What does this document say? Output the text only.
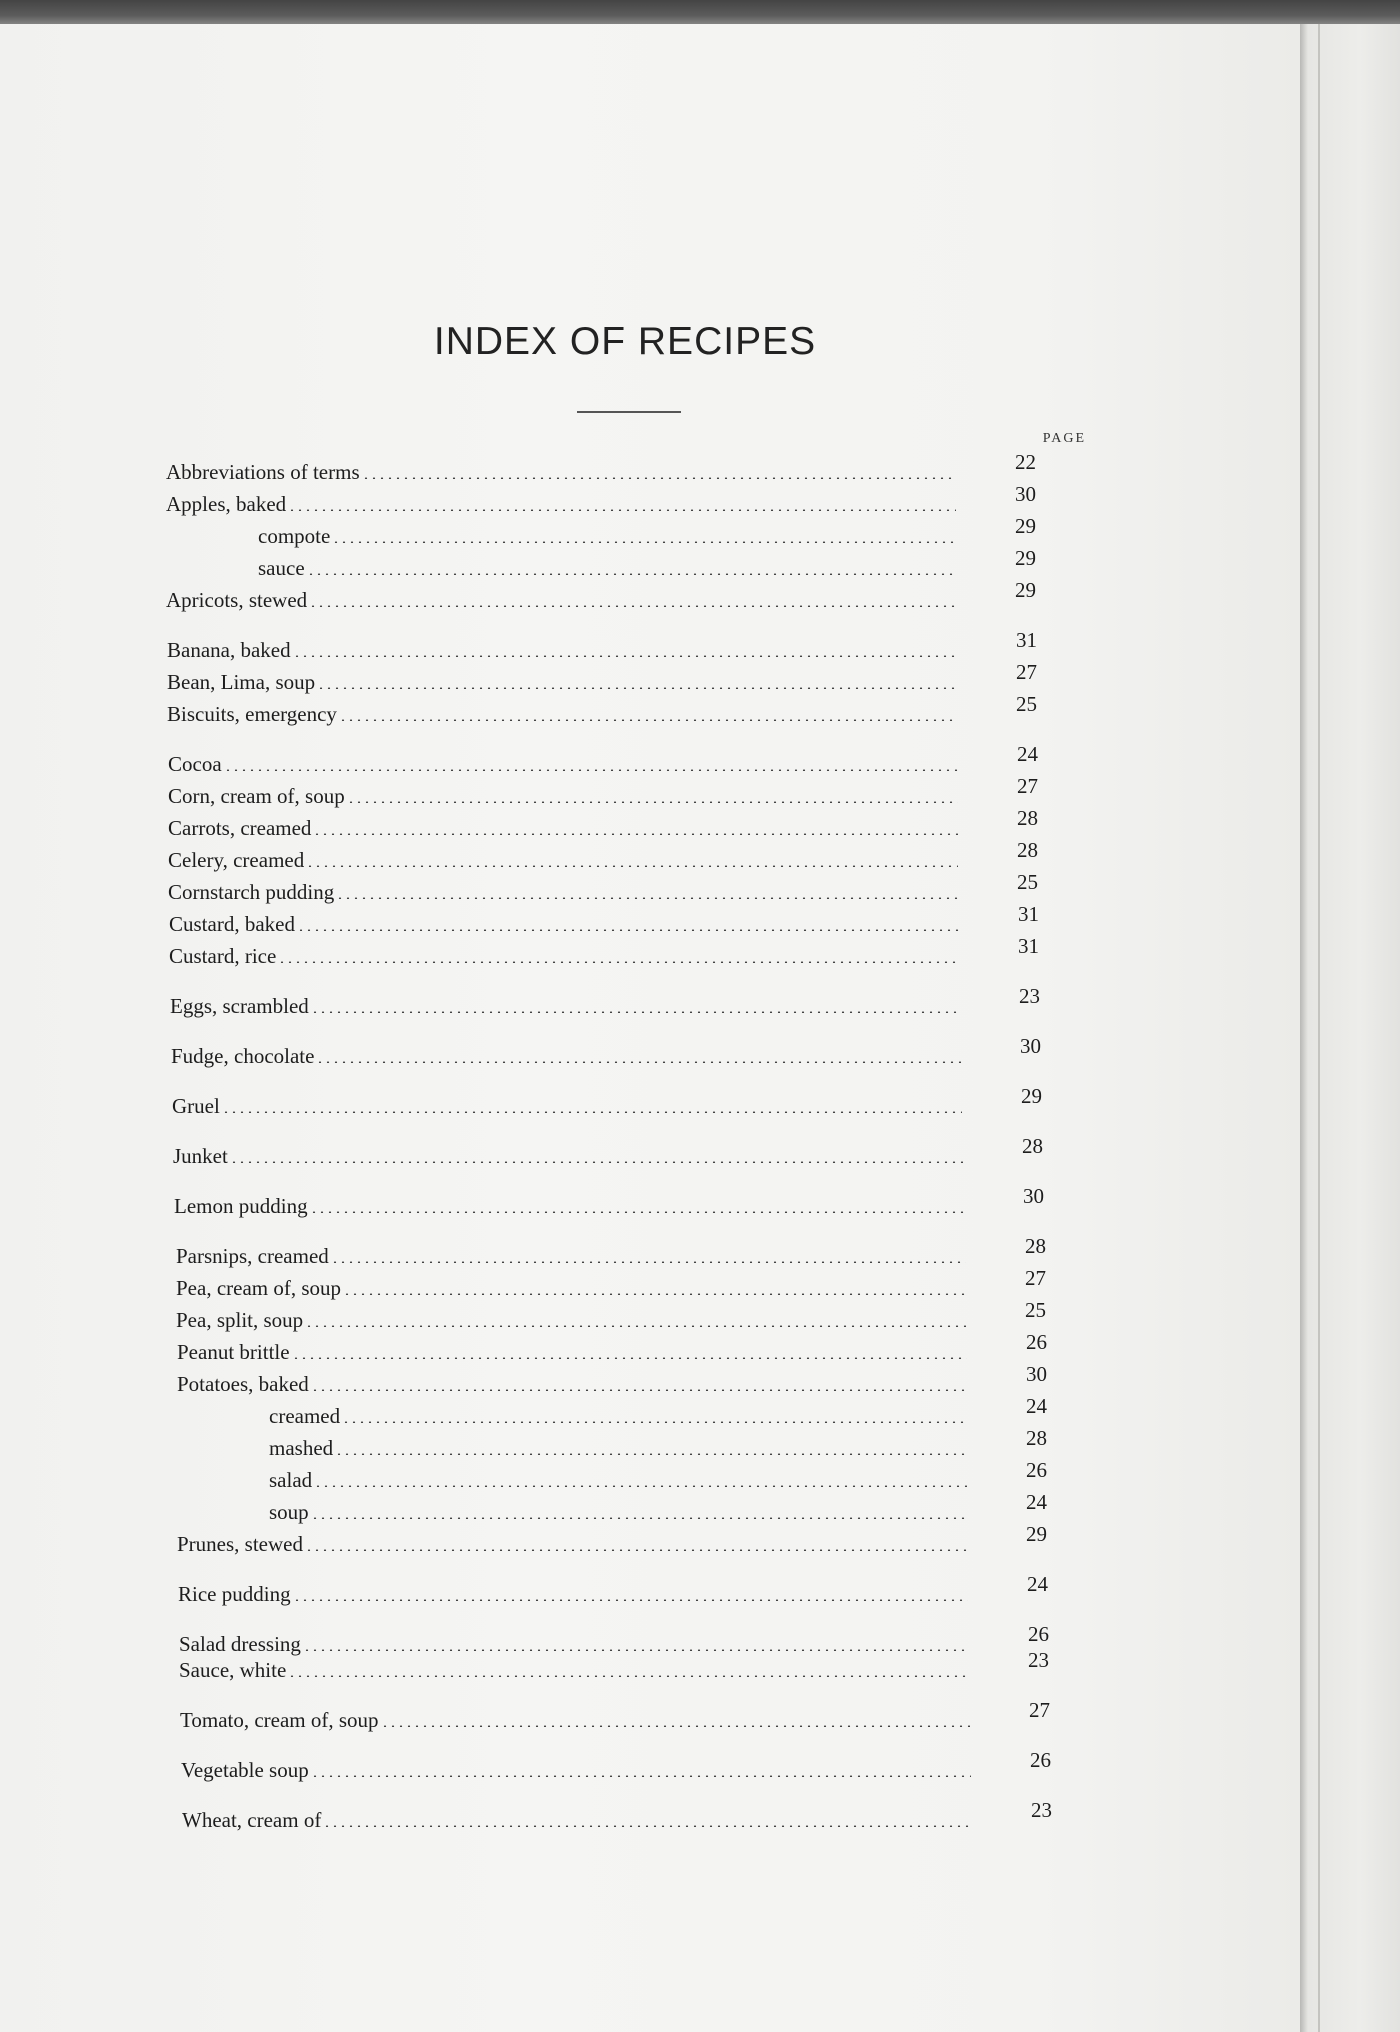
INDEX OF RECIPES
PAGE
Abbreviations of terms	22
Apples, baked	30
compote	29
sauce	29
Apricots, stewed	29
Banana, baked	31
Bean, Lima, soup	27
Biscuits, emergency	25
Cocoa	24
Corn, cream of, soup	27
Carrots, creamed	28
Celery, creamed	28
Cornstarch pudding	25
Custard, baked	31
Custard, rice	31
Eggs, scrambled	23
Fudge, chocolate	30
Gruel	29
Junket	28
Lemon pudding	30
Parsnips, creamed	28
Pea, cream of, soup	27
Pea, split, soup	25
Peanut brittle	26
Potatoes, baked	30
creamed	24
mashed	28
salad	26
soup	24
Prunes, stewed	29
Rice pudding	24
Salad dressing	26
Sauce, white	23
Tomato, cream of, soup	27
Vegetable soup	26
Wheat, cream of	23
